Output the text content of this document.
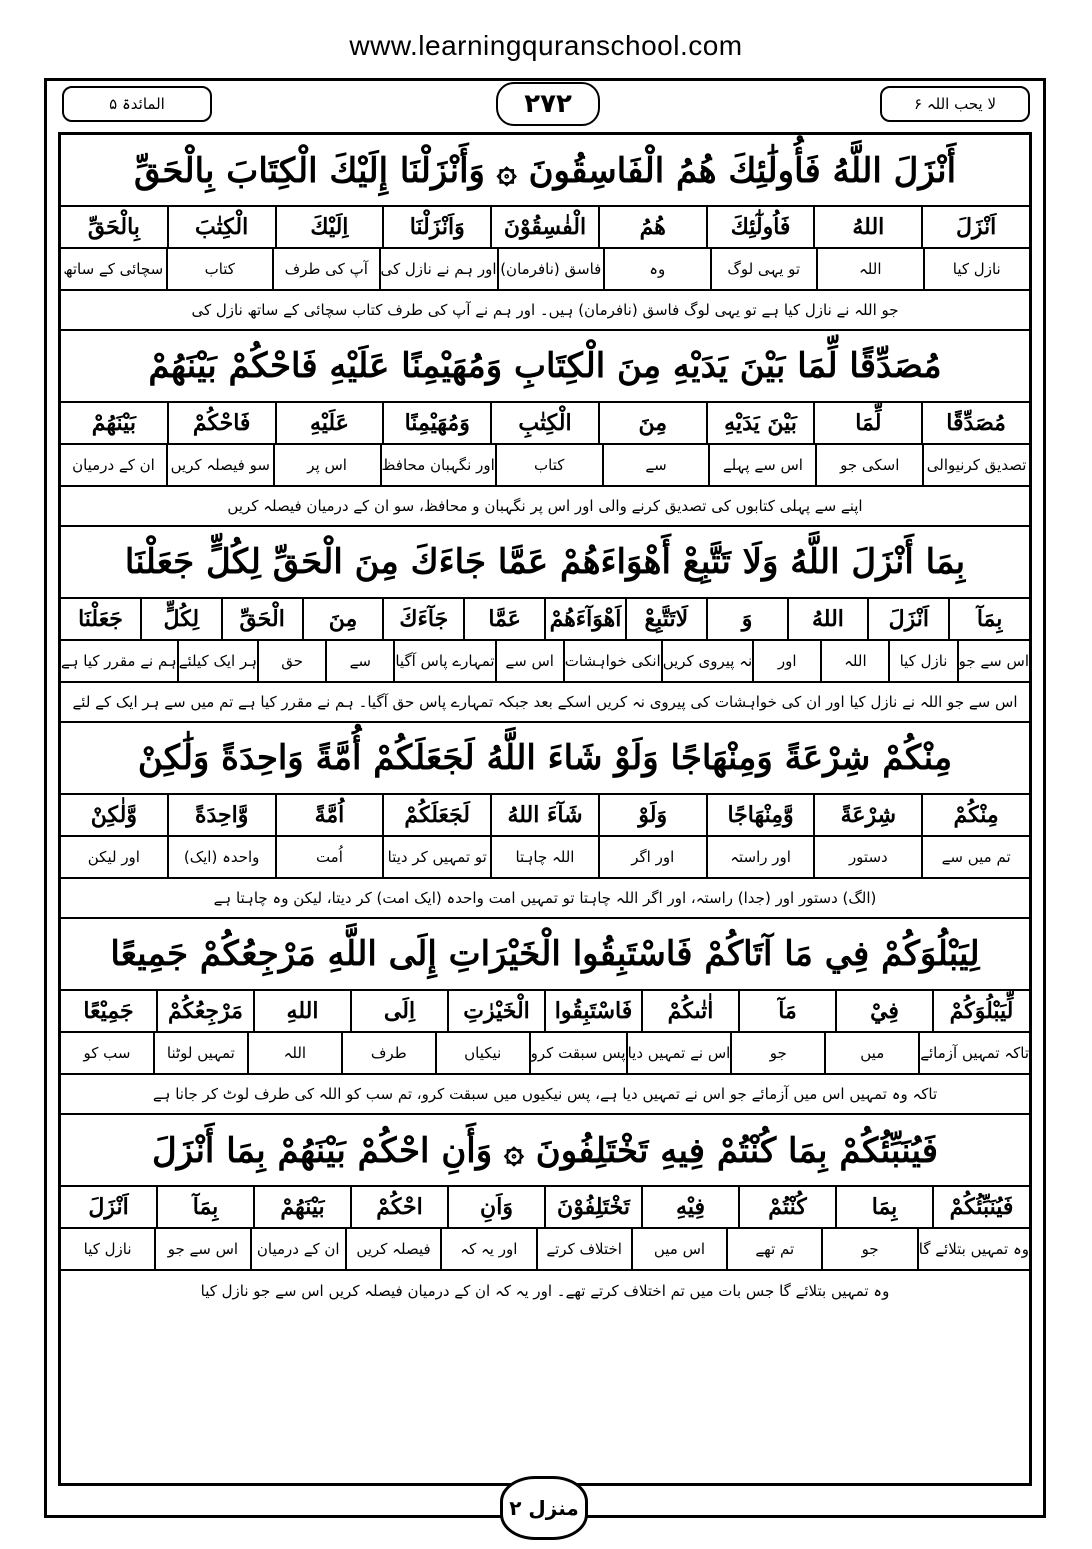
www.learningquranschool.com
المائدۃ ۵	۲۷۲	لا یحب اللہ ۶
أَنْزَلَ اللَّهُ فَأُولَٰئِكَ هُمُ الْفَاسِقُونَ ۞ وَأَنْزَلْنَا إِلَيْكَ الْكِتَابَ بِالْحَقِّ
اَنْزَلَ
اللهُ
فَاُولٰٓئِكَ
هُمُ
الْفٰسِقُوْنَ
وَاَنْزَلْنَا
اِلَيْكَ
الْكِتٰبَ
بِالْحَقِّ
نازل کیا
اللہ
تو یہی لوگ
وہ
فاسق (نافرمان)
اور ہم نے نازل کی
آپ کی طرف
کتاب
سچائی کے ساتھ
جو اللہ نے نازل کیا ہے تو یہی لوگ فاسق (نافرمان) ہیں۔ اور ہم نے آپ کی طرف کتاب سچائی کے ساتھ نازل کی
مُصَدِّقًا لِّمَا بَيْنَ يَدَيْهِ مِنَ الْكِتَابِ وَمُهَيْمِنًا عَلَيْهِ فَاحْكُمْ بَيْنَهُمْ
مُصَدِّقًا
لِّمَا
بَيْنَ يَدَيْهِ
مِنَ
الْكِتٰبِ
وَمُهَيْمِنًا
عَلَيْهِ
فَاحْكُمْ
بَيْنَهُمْ
تصدیق کرنیوالی
اسکی جو
اس سے پہلے
سے
کتاب
اور نگہبان محافظ
اس پر
سو فیصلہ کریں
ان کے درمیان
اپنے سے پہلی کتابوں کی تصدیق کرنے والی اور اس پر نگہبان و محافظ، سو ان کے درمیان فیصلہ کریں
بِمَا أَنْزَلَ اللَّهُ وَلَا تَتَّبِعْ أَهْوَاءَهُمْ عَمَّا جَاءَكَ مِنَ الْحَقِّ لِكُلٍّ جَعَلْنَا
بِمَآ
اَنْزَلَ
اللهُ
وَ
لَاتَتَّبِعْ
اَهْوَآءَهُمْ
عَمَّا
جَآءَكَ
مِنَ
الْحَقِّ
لِكُلٍّ
جَعَلْنَا
اس سے جو
نازل کیا
اللہ
اور
نہ پیروی کریں
انکی خواہشات
اس سے
تمہارے پاس آگیا
سے
حق
ہر ایک کیلئے
ہم نے مقرر کیا ہے
اس سے جو اللہ نے نازل کیا اور ان کی خواہشات کی پیروی نہ کریں اسکے بعد جبکہ تمہارے پاس حق آگیا۔ ہم نے مقرر کیا ہے تم میں سے ہر ایک کے لئے
مِنْكُمْ شِرْعَةً وَمِنْهَاجًا وَلَوْ شَاءَ اللَّهُ لَجَعَلَكُمْ أُمَّةً وَاحِدَةً وَلَٰكِنْ
مِنْكُمْ
شِرْعَةً
وَّمِنْهَاجًا
وَلَوْ
شَآءَ اللهُ
لَجَعَلَكُمْ
اُمَّةً
وَّاحِدَةً
وَّلٰكِنْ
تم میں سے
دستور
اور راستہ
اور اگر
اللہ چاہتا
تو تمہیں کر دیتا
اُمت
واحدہ (ایک)
اور لیکن
(الگ) دستور اور (جدا) راستہ، اور اگر اللہ چاہتا تو تمہیں امت واحدہ (ایک امت) کر دیتا، لیکن وہ چاہتا ہے
لِيَبْلُوَكُمْ فِي مَا آتَاكُمْ فَاسْتَبِقُوا الْخَيْرَاتِ إِلَى اللَّهِ مَرْجِعُكُمْ جَمِيعًا
لِّيَبْلُوَكُمْ
فِيْ
مَآ
اٰتٰىكُمْ
فَاسْتَبِقُوا
الْخَيْرٰتِ
اِلَى
اللهِ
مَرْجِعُكُمْ
جَمِيْعًا
تاکہ تمہیں آزمائے
میں
جو
اس نے تمہیں دیا
پس سبقت کرو
نیکیاں
طرف
اللہ
تمہیں لوٹنا
سب کو
تاکہ وہ تمہیں اس میں آزمائے جو اس نے تمہیں دیا ہے، پس نیکیوں میں سبقت کرو، تم سب کو اللہ کی طرف لوٹ کر جانا ہے
فَيُنَبِّئُكُمْ بِمَا كُنْتُمْ فِيهِ تَخْتَلِفُونَ ۞ وَأَنِ احْكُمْ بَيْنَهُمْ بِمَا أَنْزَلَ
فَيُنَبِّئُكُمْ
بِمَا
كُنْتُمْ
فِيْهِ
تَخْتَلِفُوْنَ
وَاَنِ
احْكُمْ
بَيْنَهُمْ
بِمَآ
اَنْزَلَ
وہ تمہیں بتلائے گا
جو
تم تھے
اس میں
اختلاف کرتے
اور یہ کہ
فیصلہ کریں
ان کے درمیان
اس سے جو
نازل کیا
وہ تمہیں بتلائے گا جس بات میں تم اختلاف کرتے تھے۔ اور یہ کہ ان کے درمیان فیصلہ کریں اس سے جو نازل کیا
منزل ۲
